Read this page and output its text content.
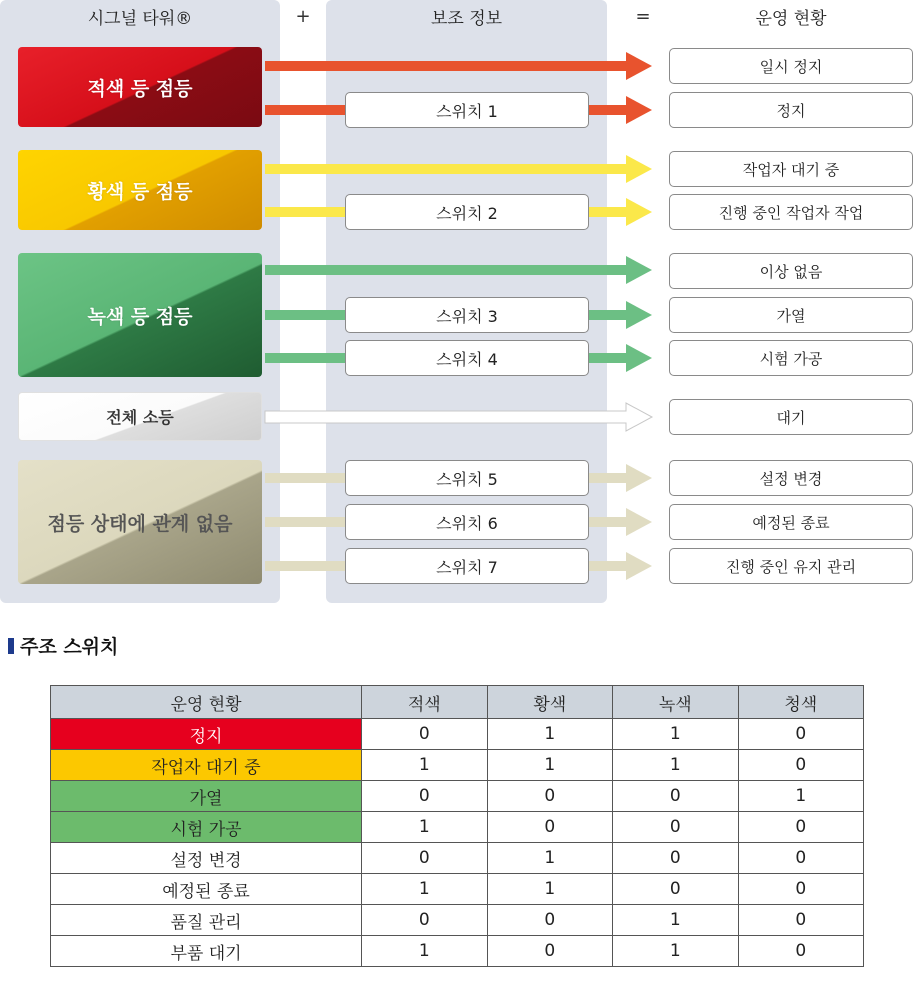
시그널 타워®	+	보조 정보	=	운영 현황
적색 등 점등
황색 등 점등
녹색 등 점등
전체 소등
점등 상태에 관계 없음
스위치 1
스위치 2
스위치 3
스위치 4
스위치 5
스위치 6
스위치 7
일시 정지
정지
작업자 대기 중
진행 중인 작업자 작업
이상 없음
가열
시험 가공
대기
설정 변경
예정된 종료
진행 중인 유지 관리
주조 스위치
운영 현황	적색	황색	녹색	청색
정지	0	1	1	0
작업자 대기 중	1	1	1	0
가열	0	0	0	1
시험 가공	1	0	0	0
설정 변경	0	1	0	0
예정된 종료	1	1	0	0
품질 관리	0	0	1	0
부품 대기	1	0	1	0
